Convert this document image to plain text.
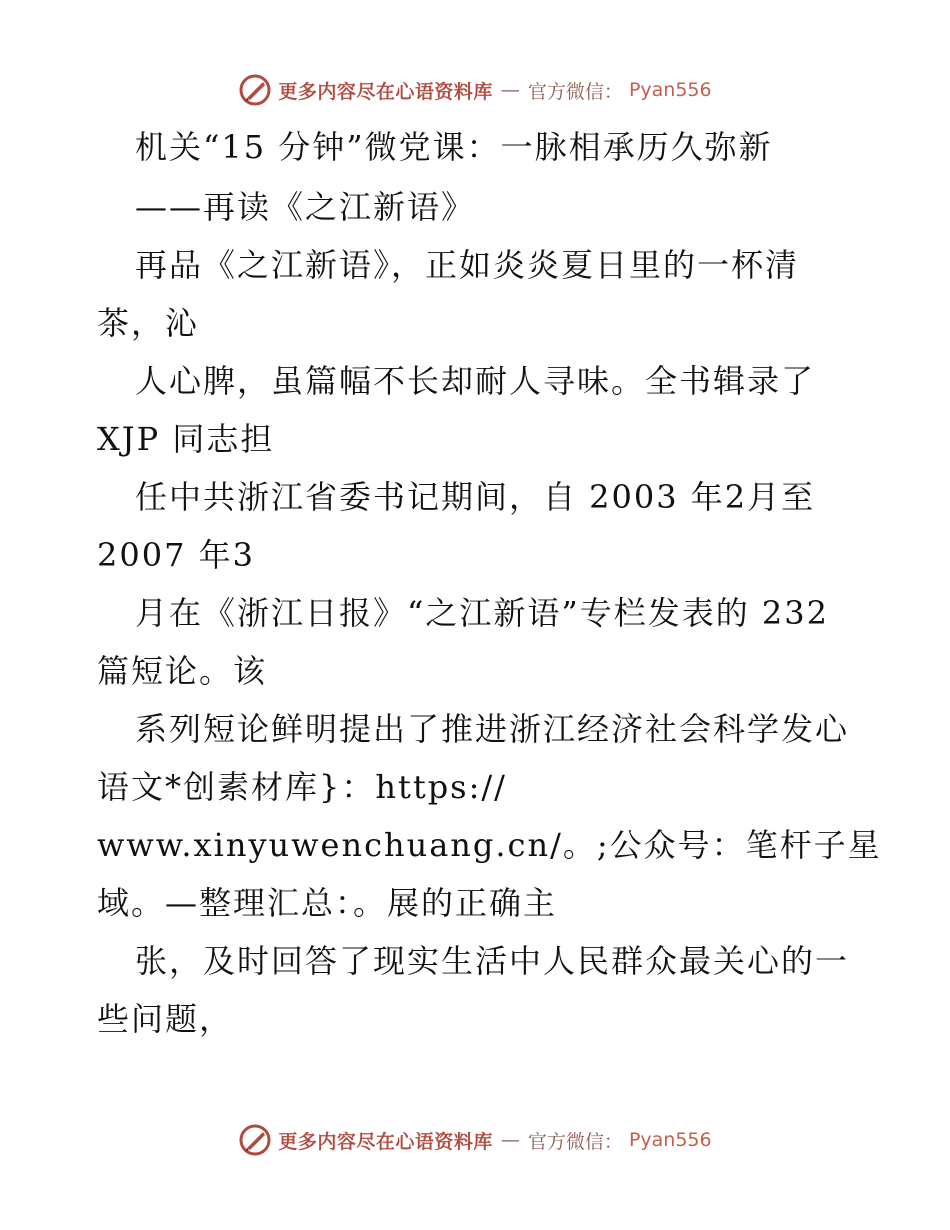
更多内容尽在心语资料库 — 官方微信： Pyan556
机关“15 分钟”微党课：一脉相承历久弥新
——再读《之江新语》
再品《之江新语》，正如炎炎夏日里的一杯清
茶，沁
人心脾，虽篇幅不长却耐人寻味。全书辑录了
XJP 同志担
任中共浙江省委书记期间，自 2003 年2月至
2007 年3
月在《浙江日报》“之江新语”专栏发表的 232
篇短论。该
系列短论鲜明提出了推进浙江经济社会科学发心
语文*创素材库}：https://
www.xinyuwenchuang.cn/。;公众号：笔杆子星
域。—整理汇总：。展的正确主
张，及时回答了现实生活中人民群众最关心的一
些问题，
更多内容尽在心语资料库 — 官方微信： Pyan556
